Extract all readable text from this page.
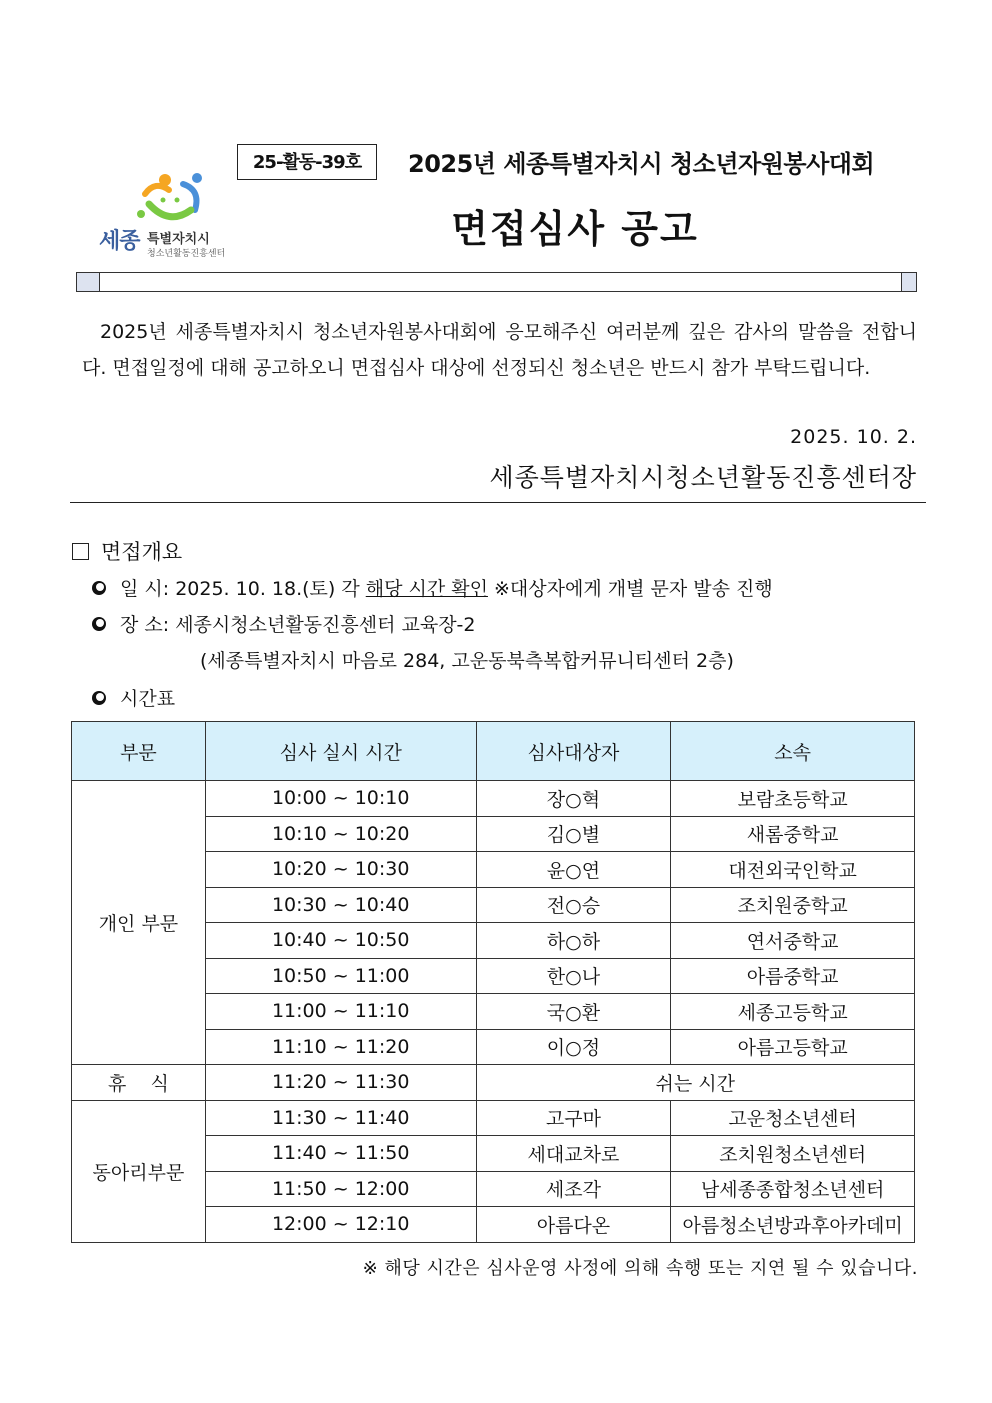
25-활동-39호	2025년 세종특별자치시 청소년자원봉사대회
면접심사 공고
세종 특별자치시
청소년활동진흥센터
2025년 세종특별자치시 청소년자원봉사대회에 응모해주신 여러분께 깊은 감사의 말씀을 전합니다. 면접일정에 대해 공고하오니 면접심사 대상에 선정되신 청소년은 반드시 참가 부탁드립니다.
2025. 10. 2.
세종특별자치시청소년활동진흥센터장
면접개요
일 시:
2025. 10. 18.(토) 각
해당 시간 확인
※대상자에게 개별 문자 발송 진행
장 소:
세종시청소년활동진흥센터 교육장-2
(세종특별자치시 마음로 284, 고운동북측복합커뮤니티센터 2층)
시간표
부문	심사 실시 시간	심사대상자	소속
개인 부문	10:00 ~ 10:10	장○혁	보람초등학교
	10:10 ~ 10:20	김○별	새롬중학교
	10:20 ~ 10:30	윤○연	대전외국인학교
	10:30 ~ 10:40	전○승	조치원중학교
	10:40 ~ 10:50	하○하	연서중학교
	10:50 ~ 11:00	한○나	아름중학교
	11:00 ~ 11:10	국○환	세종고등학교
	11:10 ~ 11:20	이○정	아름고등학교
휴    식	11:20 ~ 11:30	쉬는 시간	
동아리부문	11:30 ~ 11:40	고구마	고운청소년센터
	11:40 ~ 11:50	세대교차로	조치원청소년센터
	11:50 ~ 12:00	세조각	남세종종합청소년센터
	12:00 ~ 12:10	아름다온	아름청소년방과후아카데미
※ 해당 시간은 심사운영 사정에 의해 속행 또는 지연 될 수 있습니다.
